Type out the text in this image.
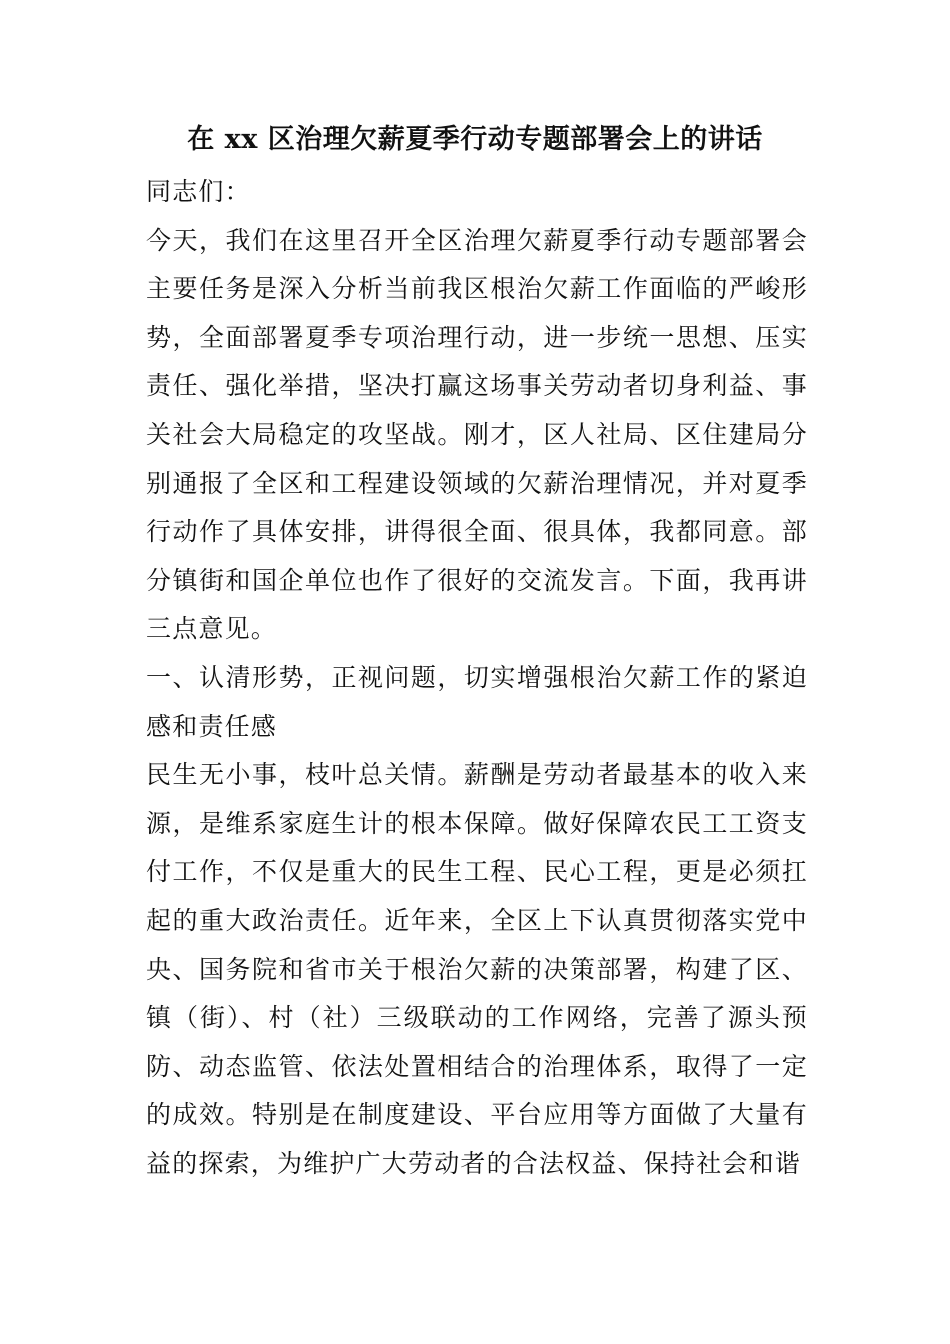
在 xx 区治理欠薪夏季行动专题部署会上的讲话

同志们：

今天，我们在这里召开全区治理欠薪夏季行动专题部署会主要任务是深入分析当前我区根治欠薪工作面临的严峻形势，全面部署夏季专项治理行动，进一步统一思想、压实责任、强化举措，坚决打赢这场事关劳动者切身利益、事关社会大局稳定的攻坚战。刚才，区人社局、区住建局分别通报了全区和工程建设领域的欠薪治理情况，并对夏季行动作了具体安排，讲得很全面、很具体，我都同意。部分镇街和国企单位也作了很好的交流发言。下面，我再讲三点意见。

一、认清形势，正视问题，切实增强根治欠薪工作的紧迫感和责任感

民生无小事，枝叶总关情。薪酬是劳动者最基本的收入来源，是维系家庭生计的根本保障。做好保障农民工工资支付工作，不仅是重大的民生工程、民心工程，更是必须扛起的重大政治责任。近年来，全区上下认真贯彻落实党中央、国务院和省市关于根治欠薪的决策部署，构建了区、镇（街）、村（社）三级联动的工作网络，完善了源头预防、动态监管、依法处置相结合的治理体系，取得了一定的成效。特别是在制度建设、平台应用等方面做了大量有益的探索，为维护广大劳动者的合法权益、保持社会和谐
